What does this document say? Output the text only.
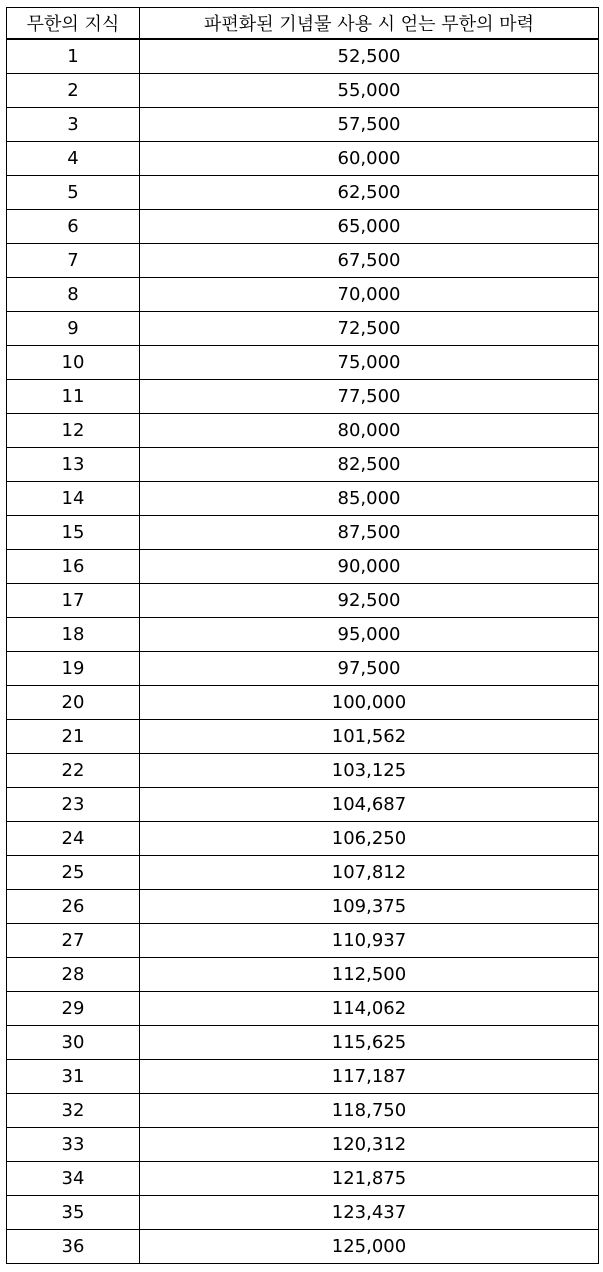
무한의 지식	파편화된 기념물 사용 시 얻는 무한의 마력
1	52,500
2	55,000
3	57,500
4	60,000
5	62,500
6	65,000
7	67,500
8	70,000
9	72,500
10	75,000
11	77,500
12	80,000
13	82,500
14	85,000
15	87,500
16	90,000
17	92,500
18	95,000
19	97,500
20	100,000
21	101,562
22	103,125
23	104,687
24	106,250
25	107,812
26	109,375
27	110,937
28	112,500
29	114,062
30	115,625
31	117,187
32	118,750
33	120,312
34	121,875
35	123,437
36	125,000
